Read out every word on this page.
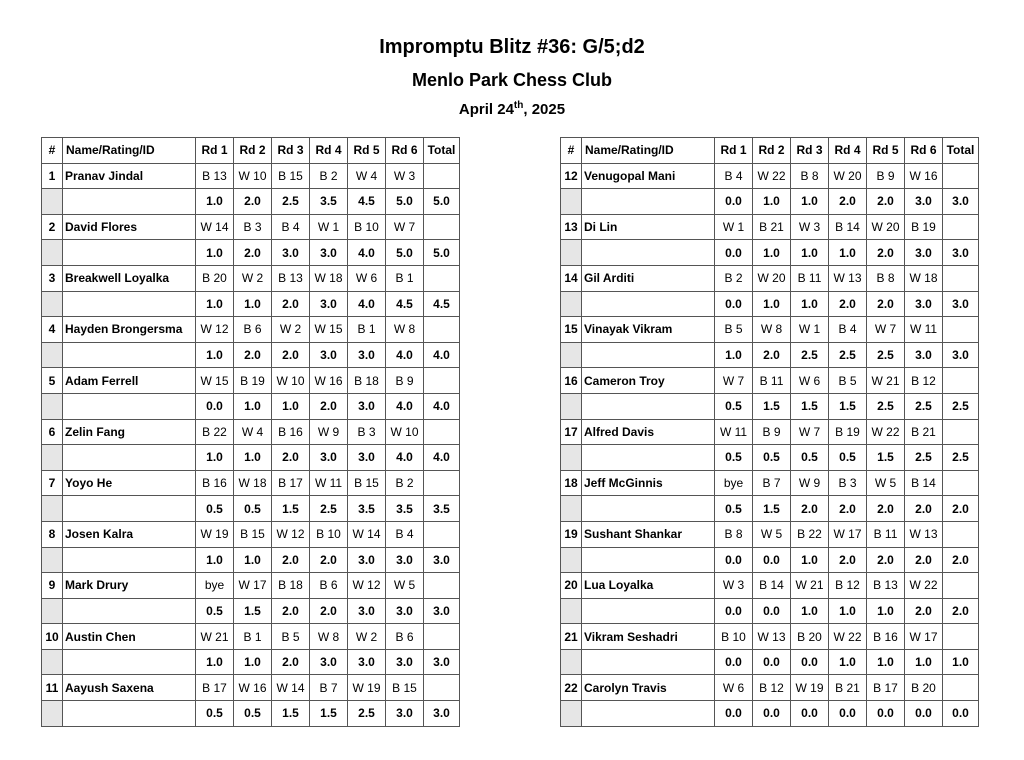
Impromptu Blitz #36: G/5;d2
Menlo Park Chess Club
April 24th, 2025
#	Name/Rating/ID	Rd 1	Rd 2	Rd 3	Rd 4	Rd 5	Rd 6	Total
1	Pranav Jindal	B 13	W 10	B 15	B 2	W 4	W 3	
		1.0	2.0	2.5	3.5	4.5	5.0	5.0
2	David Flores	W 14	B 3	B 4	W 1	B 10	W 7	
		1.0	2.0	3.0	3.0	4.0	5.0	5.0
3	Breakwell Loyalka	B 20	W 2	B 13	W 18	W 6	B 1	
		1.0	1.0	2.0	3.0	4.0	4.5	4.5
4	Hayden Brongersma	W 12	B 6	W 2	W 15	B 1	W 8	
		1.0	2.0	2.0	3.0	3.0	4.0	4.0
5	Adam Ferrell	W 15	B 19	W 10	W 16	B 18	B 9	
		0.0	1.0	1.0	2.0	3.0	4.0	4.0
6	Zelin Fang	B 22	W 4	B 16	W 9	B 3	W 10	
		1.0	1.0	2.0	3.0	3.0	4.0	4.0
7	Yoyo He	B 16	W 18	B 17	W 11	B 15	B 2	
		0.5	0.5	1.5	2.5	3.5	3.5	3.5
8	Josen Kalra	W 19	B 15	W 12	B 10	W 14	B 4	
		1.0	1.0	2.0	2.0	3.0	3.0	3.0
9	Mark Drury	bye	W 17	B 18	B 6	W 12	W 5	
		0.5	1.5	2.0	2.0	3.0	3.0	3.0
10	Austin Chen	W 21	B 1	B 5	W 8	W 2	B 6	
		1.0	1.0	2.0	3.0	3.0	3.0	3.0
11	Aayush Saxena	B 17	W 16	W 14	B 7	W 19	B 15	
		0.5	0.5	1.5	1.5	2.5	3.0	3.0
#	Name/Rating/ID	Rd 1	Rd 2	Rd 3	Rd 4	Rd 5	Rd 6	Total
12	Venugopal Mani	B 4	W 22	B 8	W 20	B 9	W 16	
		0.0	1.0	1.0	2.0	2.0	3.0	3.0
13	Di Lin	W 1	B 21	W 3	B 14	W 20	B 19	
		0.0	1.0	1.0	1.0	2.0	3.0	3.0
14	Gil Arditi	B 2	W 20	B 11	W 13	B 8	W 18	
		0.0	1.0	1.0	2.0	2.0	3.0	3.0
15	Vinayak Vikram	B 5	W 8	W 1	B 4	W 7	W 11	
		1.0	2.0	2.5	2.5	2.5	3.0	3.0
16	Cameron Troy	W 7	B 11	W 6	B 5	W 21	B 12	
		0.5	1.5	1.5	1.5	2.5	2.5	2.5
17	Alfred Davis	W 11	B 9	W 7	B 19	W 22	B 21	
		0.5	0.5	0.5	0.5	1.5	2.5	2.5
18	Jeff McGinnis	bye	B 7	W 9	B 3	W 5	B 14	
		0.5	1.5	2.0	2.0	2.0	2.0	2.0
19	Sushant Shankar	B 8	W 5	B 22	W 17	B 11	W 13	
		0.0	0.0	1.0	2.0	2.0	2.0	2.0
20	Lua Loyalka	W 3	B 14	W 21	B 12	B 13	W 22	
		0.0	0.0	1.0	1.0	1.0	2.0	2.0
21	Vikram Seshadri	B 10	W 13	B 20	W 22	B 16	W 17	
		0.0	0.0	0.0	1.0	1.0	1.0	1.0
22	Carolyn Travis	W 6	B 12	W 19	B 21	B 17	B 20	
		0.0	0.0	0.0	0.0	0.0	0.0	0.0
